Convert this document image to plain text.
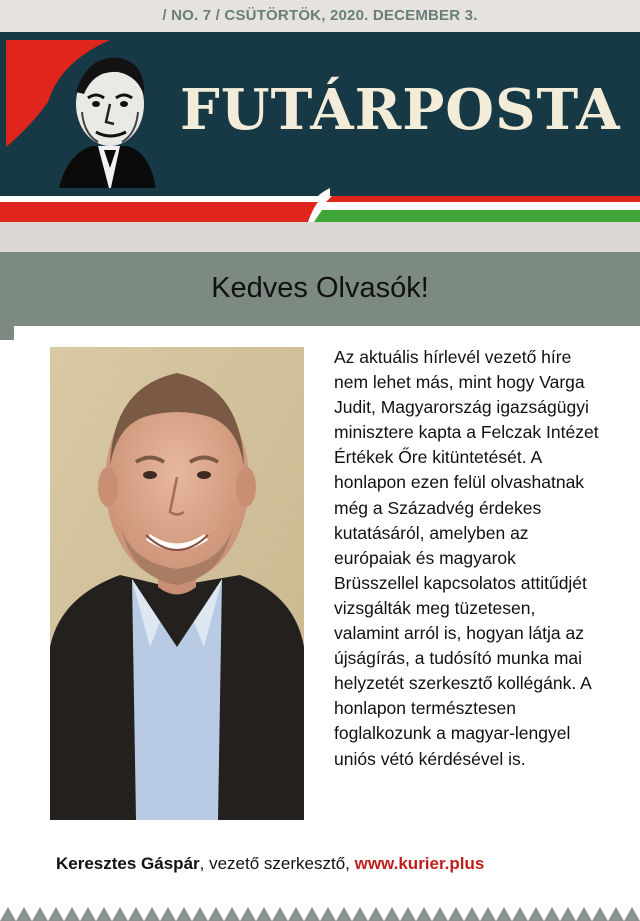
/ NO. 7 / CSÜTÖRTÖK, 2020. DECEMBER 3.
FUTÁRPOSTA
Kedves Olvasók!

Az aktuális hírlevél vezető híre nem lehet más, mint hogy Varga Judit, Magyarország igazságügyi minisztere kapta a Felczak Intézet Értékek Őre kitüntetését. A honlapon ezen felül olvashatnak még a Századvég érdekes kutatásáról, amelyben az európaiak és magyarok Brüsszellel kapcsolatos attitűdjét vizsgálták meg tüzetesen, valamint arról is, hogyan látja az újságírás, a tudósító munka mai helyzetét szerkesztő kollégánk. A honlapon természtesen foglalkozunk a magyar-lengyel uniós vétó kérdésével is.

Keresztes Gáspár, vezető szerkesztő, www.kurier.plus
